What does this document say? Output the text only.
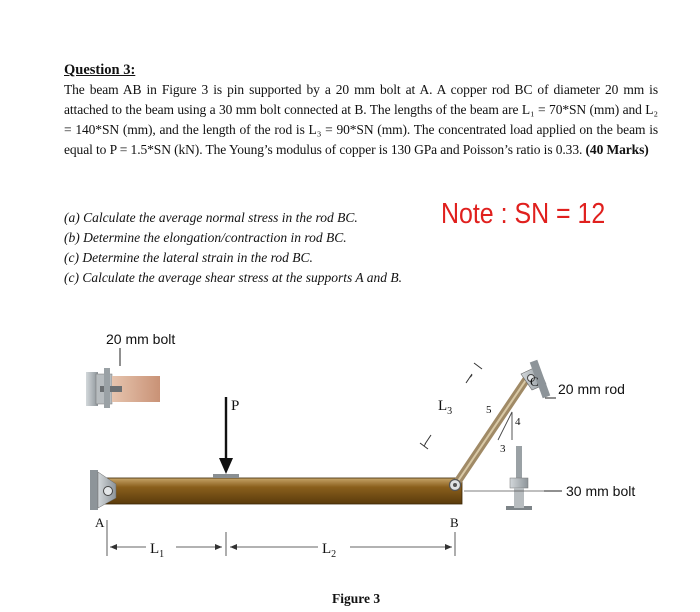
Question 3:

The beam AB in Figure 3 is pin supported by a 20 mm bolt at A. A copper rod BC of diameter 20 mm is attached to the beam using a 30 mm bolt connected at B. The lengths of the beam are L₁ = 70*SN (mm) and L₂ = 140*SN (mm), and the length of the rod is L₃ = 90*SN (mm). The concentrated load applied on the beam is equal to P = 1.5*SN (kN). The Young’s modulus of copper is 130 GPa and Poisson’s ratio is 0.33. (40 Marks)

(a) Calculate the average normal stress in the rod BC.
(b) Determine the elongation/contraction in rod BC.
(c) Determine the lateral strain in the rod BC.
(c) Calculate the average shear stress at the supports A and B.

Note : SN = 12

20 mm bolt
20 mm rod
30 mm bolt
P
A	B
C
5
4
3
$L_1$	$L_2$
$L_3$

Figure 3
